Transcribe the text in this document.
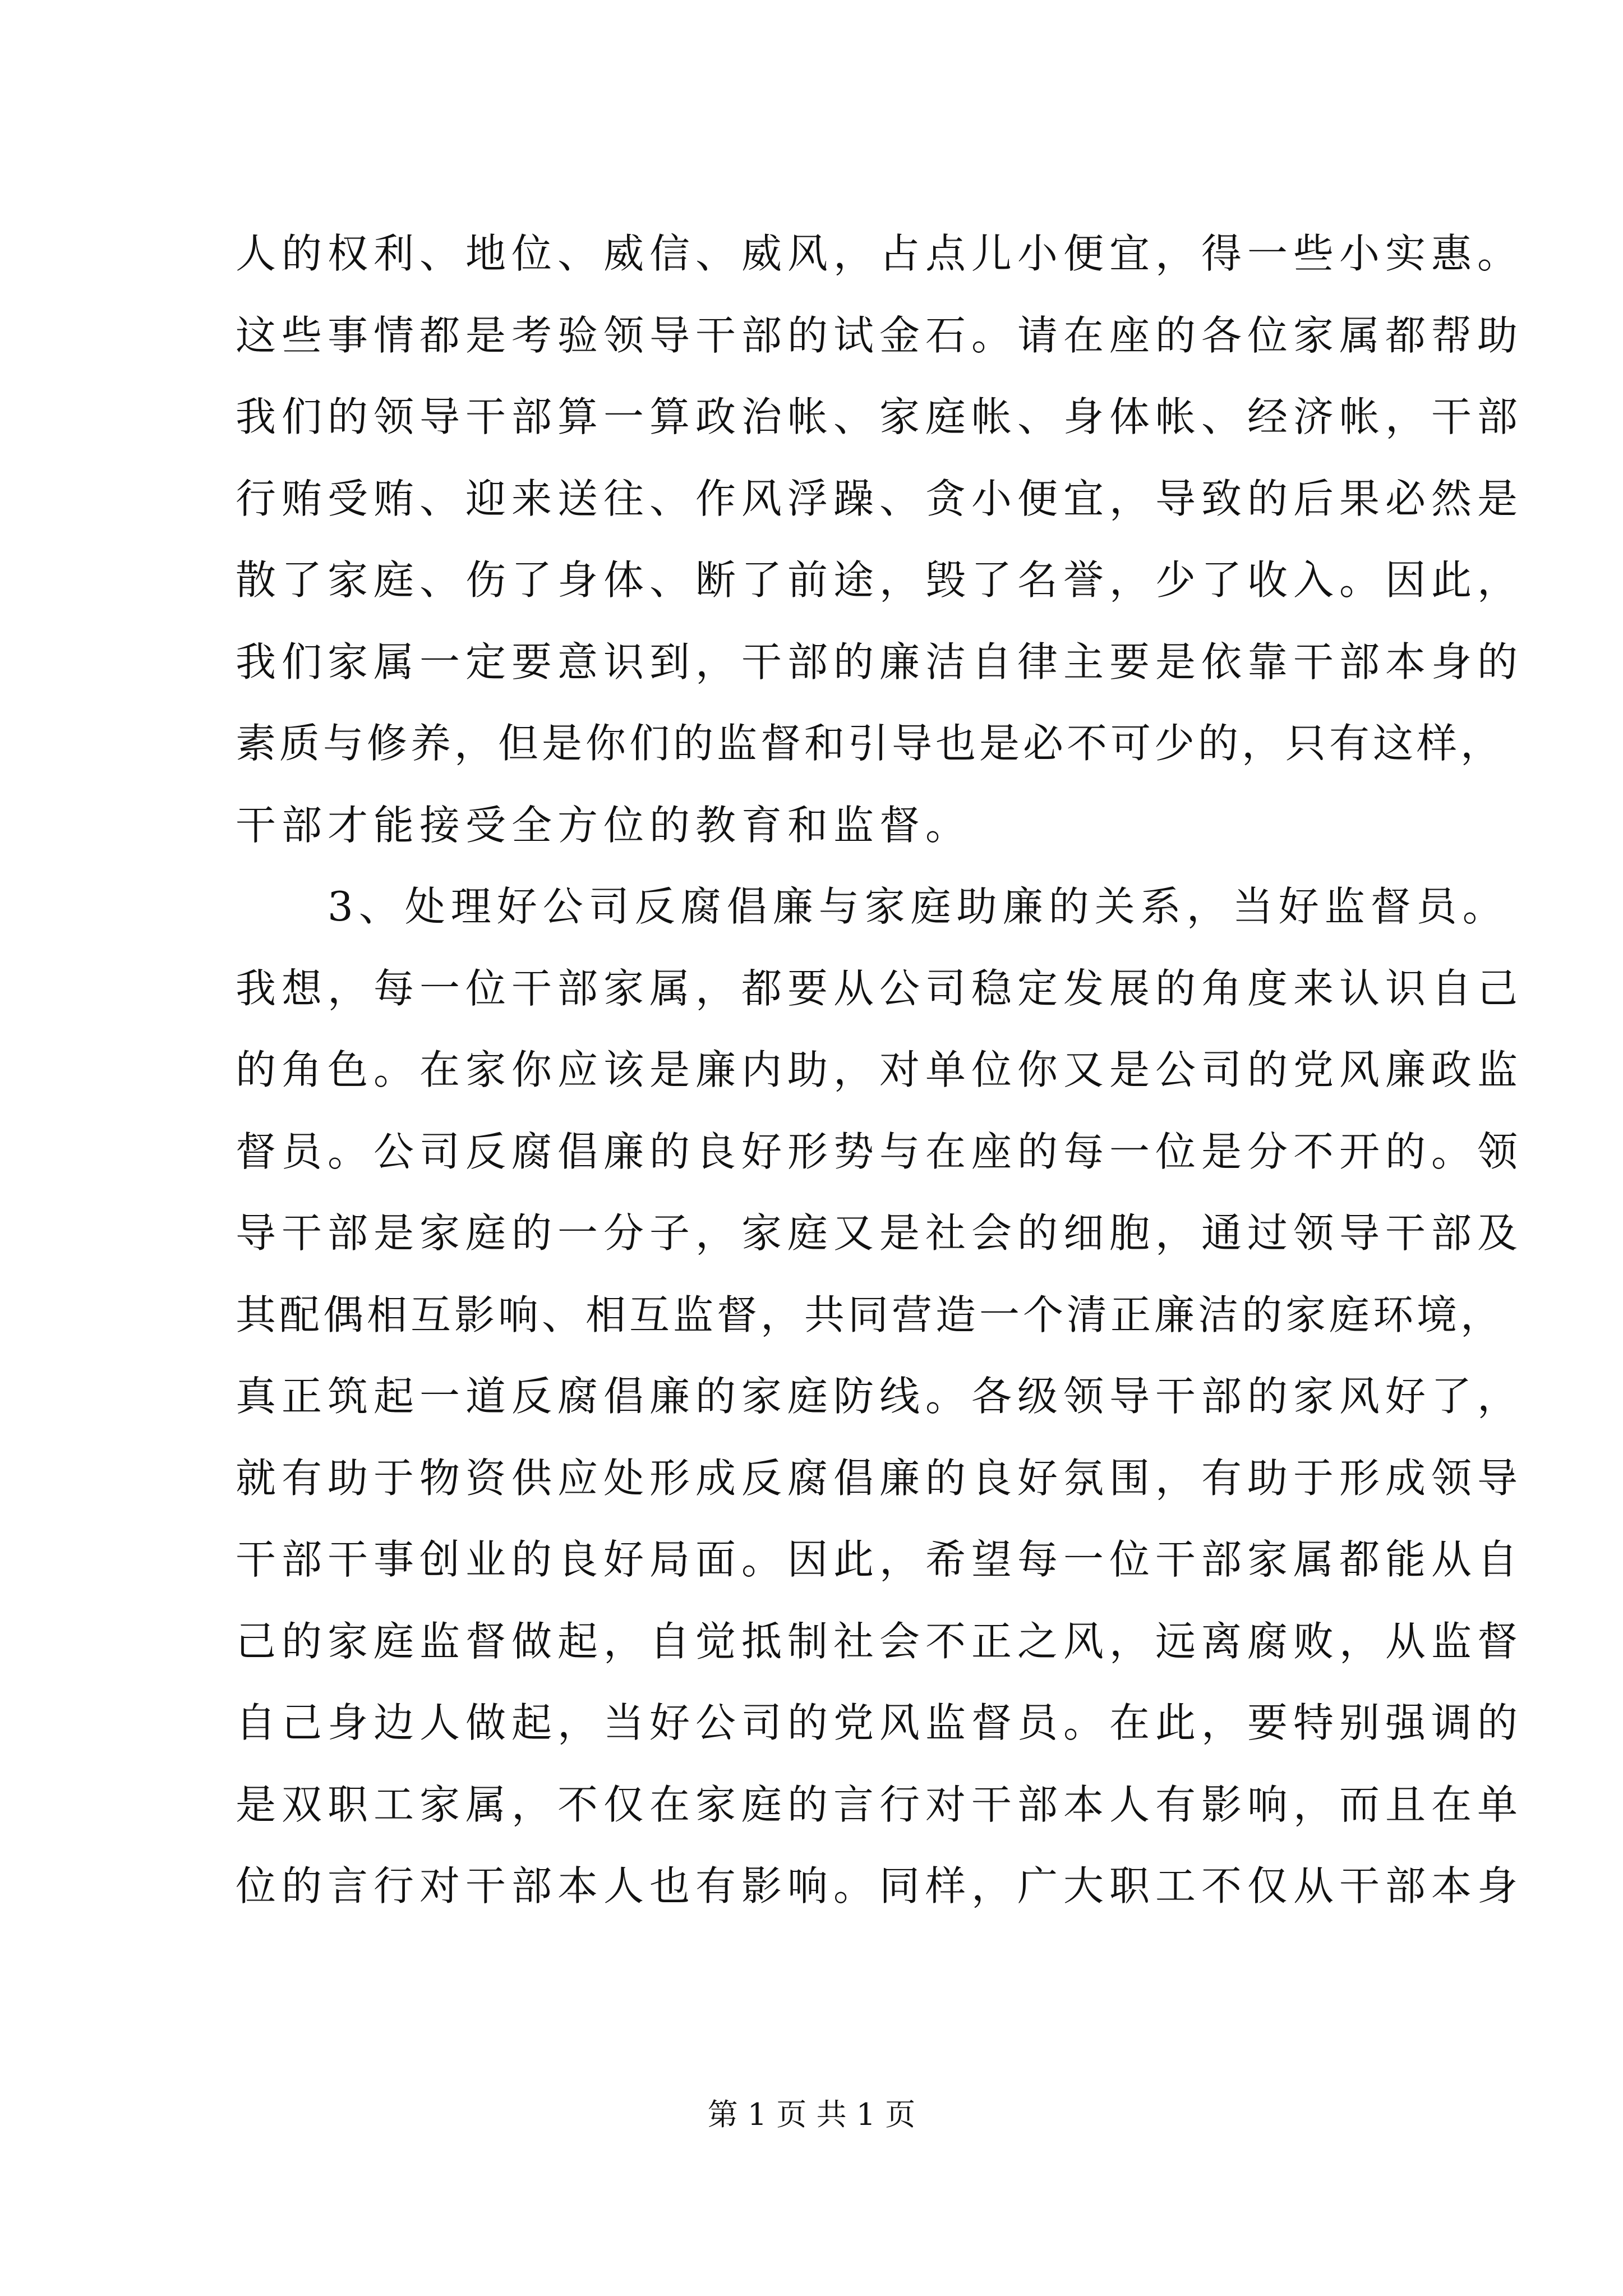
人的权利、地位、威信、威风，占点儿小便宜，得一些小实惠。
这些事情都是考验领导干部的试金石。请在座的各位家属都帮助
我们的领导干部算一算政治帐、家庭帐、身体帐、经济帐，干部
行贿受贿、迎来送往、作风浮躁、贪小便宜，导致的后果必然是
散了家庭、伤了身体、断了前途，毁了名誉，少了收入。因此，
我们家属一定要意识到，干部的廉洁自律主要是依靠干部本身的
素质与修养，但是你们的监督和引导也是必不可少的，只有这样，
干部才能接受全方位的教育和监督。
　　3、处理好公司反腐倡廉与家庭助廉的关系，当好监督员。
我想，每一位干部家属，都要从公司稳定发展的角度来认识自己
的角色。在家你应该是廉内助，对单位你又是公司的党风廉政监
督员。公司反腐倡廉的良好形势与在座的每一位是分不开的。领
导干部是家庭的一分子，家庭又是社会的细胞，通过领导干部及
其配偶相互影响、相互监督，共同营造一个清正廉洁的家庭环境，
真正筑起一道反腐倡廉的家庭防线。各级领导干部的家风好了，
就有助于物资供应处形成反腐倡廉的良好氛围，有助于形成领导
干部干事创业的良好局面。因此，希望每一位干部家属都能从自
己的家庭监督做起，自觉抵制社会不正之风，远离腐败，从监督
自己身边人做起，当好公司的党风监督员。在此，要特别强调的
是双职工家属，不仅在家庭的言行对干部本人有影响，而且在单
位的言行对干部本人也有影响。同样，广大职工不仅从干部本身
第 1 页 共 1 页
